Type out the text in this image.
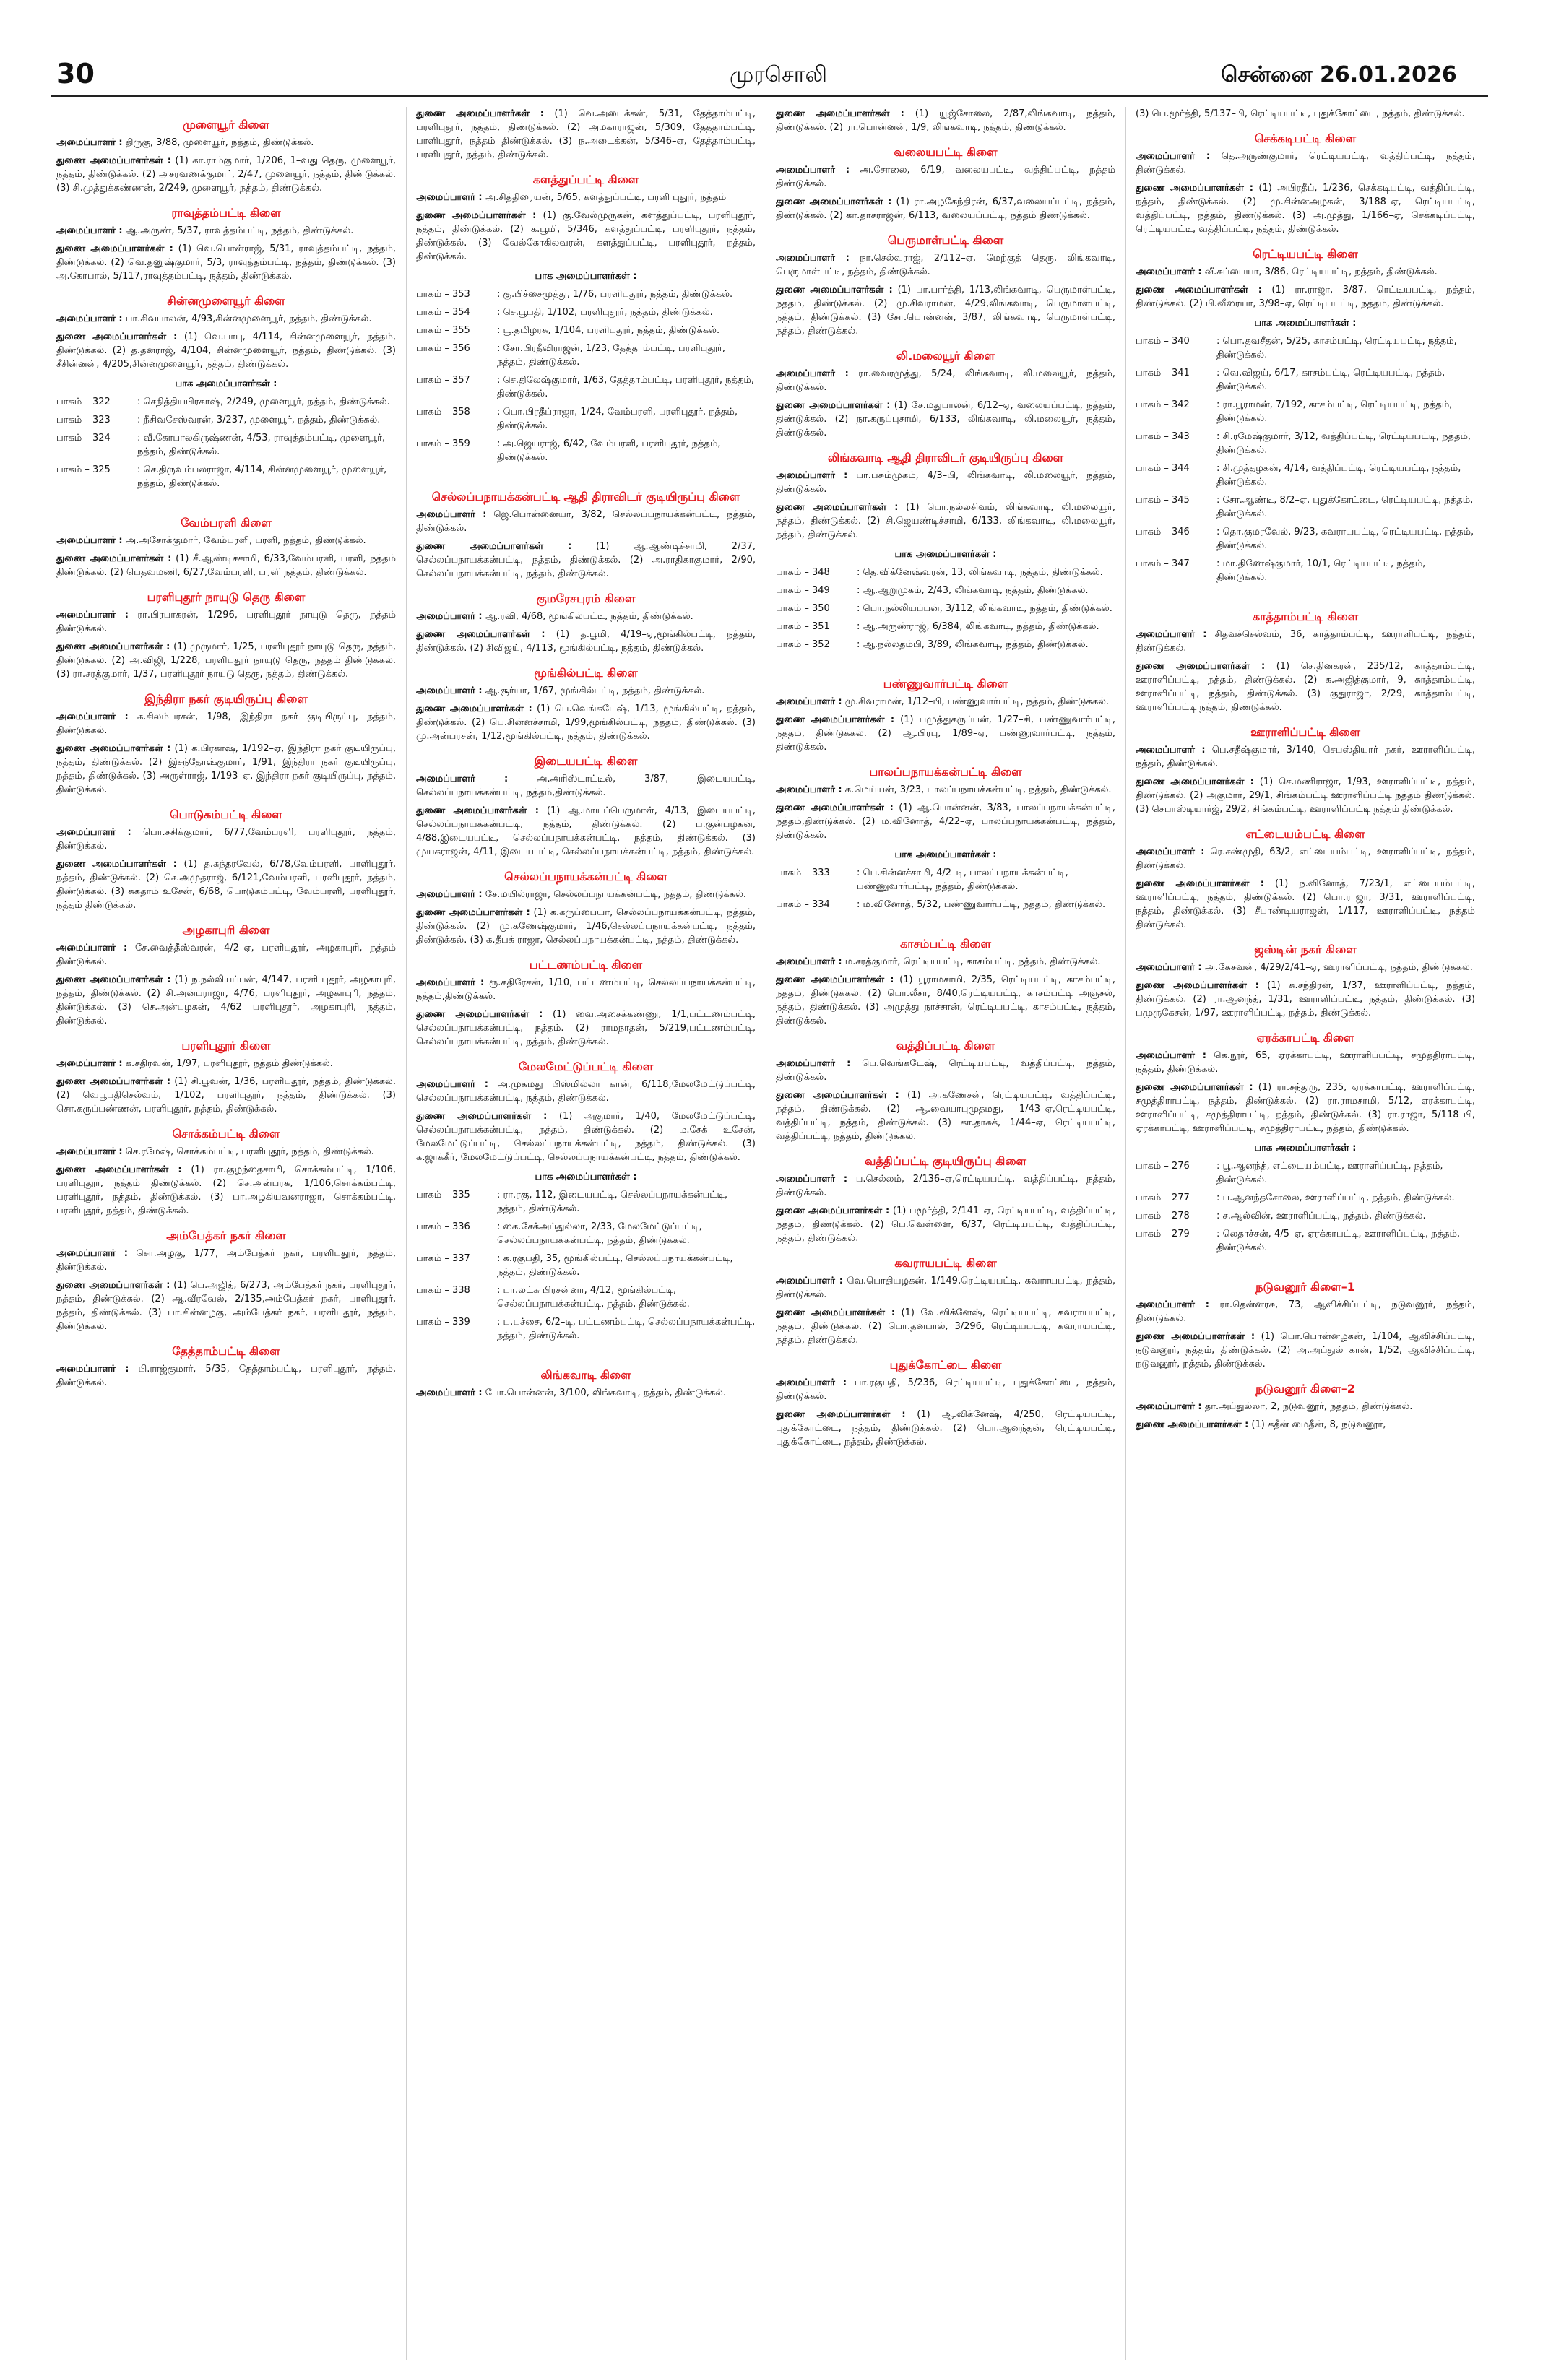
30	முரசொலி	சென்னை 26.01.2026
முளையூர் கிளை
அமைப்பாளர் : திருகு, 3/88, முளையூர், நத்தம், திண்டுக்கல்.
துணை அமைப்பாளர்கள் : (1) கா.ராம்குமார், 1/206, 1–வது தெரு, முளையூர், நத்தம், திண்டுக்கல். (2) அசரவணக்குமார், 2/47, முளையூர், நத்தம், திண்டுக்கல். (3) சி.முத்துக்கண்ணன், 2/249, முளையூர், நத்தம், திண்டுக்கல்.
ராவுத்தம்பட்டி கிளை
அமைப்பாளர் : ஆ.அருண், 5/37, ராவுத்தம்பட்டி, நத்தம், திண்டுக்கல்.
துணை அமைப்பாளர்கள் : (1) வெ.பொன்ராஜ், 5/31, ராவுத்தம்பட்டி, நத்தம், திண்டுக்கல். (2) வெ.தனுஷ்குமார், 5/3, ராவுத்தம்பட்டி, நத்தம், திண்டுக்கல். (3) அ.கோபால், 5/117,ராவுத்தம்பட்டி, நத்தம், திண்டுக்கல்.
சின்னமுளையூர் கிளை
அமைப்பாளர் : பா.சிவபாலன், 4/93,சின்னமுளையூர், நத்தம், திண்டுக்கல்.
துணை அமைப்பாளர்கள் : (1) வெ.பாபு, 4/114, சின்னமுளையூர், நத்தம், திண்டுக்கல். (2) த.தனராஜ், 4/104, சின்னமுளையூர், நத்தம், திண்டுக்கல். (3) சீசின்னன், 4/205,சின்னமுளையூர், நத்தம், திண்டுக்கல்.
பாக அமைப்பாளர்கள் :
பாகம் – 322	: செநித்தியபிரகாஷ், 2/249, முளையூர், நத்தம், திண்டுக்கல்.
பாகம் – 323	: நீசிவசேஸ்வரன், 3/237, முளையூர், நத்தம், திண்டுக்கல்.
பாகம் – 324	: வீ.கோபாலகிருஷ்ணன், 4/53, ராவுத்தம்பட்டி, முளையூர், நத்தம், திண்டுக்கல்.
பாகம் – 325	: செ.திருவம்பலராஜா, 4/114, சின்னமுளையூர், முளையூர், நத்தம், திண்டுக்கல்.
வேம்பரளி கிளை
அமைப்பாளர் : அ.அசோக்குமார், வேம்பரளி, பரளி, நத்தம், திண்டுக்கல்.
துணை அமைப்பாளர்கள் : (1) சீ.ஆண்டிச்சாமி, 6/33,வேம்பரளி, பரளி, நத்தம் திண்டுக்கல். (2) பெதவமணி, 6/27,வேம்பரளி, பரளி நத்தம், திண்டுக்கல்.
பரளிபுதூர் நாயுடு தெரு கிளை
அமைப்பாளர் : ரா.பிரபாகரன், 1/296, பரளிபுதூர் நாயுடு தெரு, நத்தம் திண்டுக்கல்.
துணை அமைப்பாளர்கள் : (1) முருமார், 1/25, பரளிபுதூர் நாயுடு தெரு, நத்தம், திண்டுக்கல். (2) அ.விஜி, 1/228, பரளிபுதூர் நாயுடு தெரு, நத்தம் திண்டுக்கல். (3) ரா.சரத்குமார், 1/37, பரளிபுதூர் நாயுடு தெரு, நத்தம், திண்டுக்கல்.
இந்திரா நகர் குடியிருப்பு கிளை
அமைப்பாளர் : க.சிலம்பரசன், 1/98, இந்திரா நகர் குடியிருப்பு, நத்தம், திண்டுக்கல்.
துணை அமைப்பாளர்கள் : (1) க.பிரகாஷ், 1/192–ஏ, இந்திரா நகர் குடியிருப்பு, நத்தம், திண்டுக்கல். (2) இசந்தோஷ்குமார், 1/91, இந்திரா நகர் குடியிருப்பு, நத்தம், திண்டுக்கல். (3) அருள்ராஜ், 1/193–ஏ, இந்திரா நகர் குடியிருப்பு, நத்தம், திண்டுக்கல்.
பொடுகம்பட்டி கிளை
அமைப்பாளர் : பொ.சசிக்குமார், 6/77,வேம்பரளி, பரளிபுதூர், நத்தம், திண்டுக்கல்.
துணை அமைப்பாளர்கள் : (1) த.சுந்தரவேல், 6/78,வேம்பரளி, பரளிபுதூர், நத்தம், திண்டுக்கல். (2) செ.அமுதராஜ், 6/121,வேம்பரளி, பரளிபுதூர், நத்தம், திண்டுக்கல். (3) சுகதாம் உசேன், 6/68, பொடுகம்பட்டி, வேம்பரளி, பரளிபுதூர், நத்தம் திண்டுக்கல்.
அழகாபுரி கிளை
அமைப்பாளர் : சே.வைத்தீஸ்வரன், 4/2–ஏ, பரளிபுதூர், அழகாபுரி, நத்தம் திண்டுக்கல்.
துணை அமைப்பாளர்கள் : (1) ந.நல்லியப்பன், 4/147, பரளி புதூர், அழகாபுரி, நத்தம், திண்டுக்கல். (2) சி.அன்பராஜா, 4/76, பரளிபுதூர், அழகாபுரி, நத்தம், திண்டுக்கல். (3) செ.அன்பழகன், 4/62 பரளிபுதூர், அழகாபுரி, நத்தம், திண்டுக்கல்.
பரளிபுதூர் கிளை
அமைப்பாளர் : க.சதிரவன், 1/97, பரளிபுதூர், நத்தம் திண்டுக்கல்.
துணை அமைப்பாளர்கள் : (1) சி.பூவன், 1/36, பரளிபுதூர், நத்தம், திண்டுக்கல். (2) வெபூபதிசெல்வம், 1/102, பரளிபுதூர், நத்தம், திண்டுக்கல். (3) சொ.கருப்பண்ணன், பரளிபுதூர், நத்தம், திண்டுக்கல்.
சொக்கம்பட்டி கிளை
அமைப்பாளர் : செ.ரமேஷ், சொக்கம்பட்டி, பரளிபுதூர், நத்தம், திண்டுக்கல்.
துணை அமைப்பாளர்கள் : (1) ரா.குழந்தைசாமி, சொக்கம்பட்டி, 1/106, பரளிபுதூர், நத்தம் திண்டுக்கல். (2) செ.அன்பரசு, 1/106,சொக்கம்பட்டி, பரளிபுதூர், நத்தம், திண்டுக்கல். (3) பா.அழகியவனராஜா, சொக்கம்பட்டி, பரளிபுதூர், நத்தம், திண்டுக்கல்.
அம்பேத்கர் நகர் கிளை
அமைப்பாளர் : சொ.அழகு, 1/77, அம்பேத்கர் நகர், பரளிபுதூர், நத்தம், திண்டுக்கல்.
துணை அமைப்பாளர்கள் : (1) பெ.அஜித், 6/273, அம்பேத்கர் நகர், பரளிபுதூர், நத்தம், திண்டுக்கல். (2) ஆ.வீரவேல், 2/135,அம்பேத்கர் நகர், பரளிபுதூர், நத்தம், திண்டுக்கல். (3) பா.சின்னழகு, அம்பேத்கர் நகர், பரளிபுதூர், நத்தம், திண்டுக்கல்.
தேத்தாம்பட்டி கிளை
அமைப்பாளர் : பி.ராஜ்குமார், 5/35, தேத்தாம்பட்டி, பரளிபுதூர், நத்தம், திண்டுக்கல்.
துணை அமைப்பாளர்கள் : (1) வெ.அடைக்கன், 5/31, தேத்தாம்பட்டி, பரளிபுதூர், நத்தம், திண்டுக்கல். (2) அமகாராஜன், 5/309, தேத்தாம்பட்டி, பரளிபுதூர், நத்தம் திண்டுக்கல். (3) ந.அடைக்கன், 5/346–ஏ, தேத்தாம்பட்டி, பரளிபுதூர், நத்தம், திண்டுக்கல்.
களத்துப்பட்டி கிளை
அமைப்பாளர் : அ.சித்திரையன், 5/65, களத்துப்பட்டி, பரளி புதூர், நத்தம்
துணை அமைப்பாளர்கள் : (1) கு.வேல்முருகன், களத்துப்பட்டி, பரளிபுதூர், நத்தம், திண்டுக்கல். (2) க.பூமி, 5/346, களத்துப்பட்டி, பரளிபுதூர், நத்தம், திண்டுக்கல். (3) வேல்கோகிலவரன், களத்துப்பட்டி, பரளிபுதூர், நத்தம், திண்டுக்கல்.
பாக அமைப்பாளர்கள் :
பாகம் – 353	: கு.பிச்சைமுத்து, 1/76, பரளிபுதூர், நத்தம், திண்டுக்கல்.
பாகம் – 354	: செ.பூபதி, 1/102, பரளிபுதூர், நத்தம், திண்டுக்கல்.
பாகம் – 355	: பூ.தமிழரசு, 1/104, பரளிபுதூர், நத்தம், திண்டுக்கல்.
பாகம் – 356	: சோ.பிரதீவிராஜன், 1/23, தேத்தாம்பட்டி, பரளிபுதூர், நத்தம், திண்டுக்கல்.
பாகம் – 357	: செ.திலேஷ்குமார், 1/63, தேத்தாம்பட்டி, பரளிபுதூர், நத்தம், திண்டுக்கல்.
பாகம் – 358	: பொ.பிரதீப்ராஜா, 1/24, வேம்பரளி, பரளிபுதூர், நத்தம், திண்டுக்கல்.
பாகம் – 359	: அ.ஜெயராஜ், 6/42, வேம்பரளி, பரளிபுதூர், நத்தம், திண்டுக்கல்.
செல்லப்பநாயக்கன்பட்டி ஆதி திராவிடர் குடியிருப்பு கிளை
அமைப்பாளர் : ஜெ.பொன்னையா, 3/82, செல்லப்பநாயக்கன்பட்டி, நத்தம், திண்டுக்கல்.
துணை அமைப்பாளர்கள் : (1) ஆ.ஆண்டிச்சாமி, 2/37, செல்லப்பநாயக்கன்பட்டி, நத்தம், திண்டுக்கல். (2) அ.ராதிகாகுமார், 2/90, செல்லப்பநாயக்கன்பட்டி, நத்தம், திண்டுக்கல்.
குமரேசபுரம் கிளை
அமைப்பாளர் : ஆ.ரவி, 4/68, மூங்கில்பட்டி, நத்தம், திண்டுக்கல்.
துணை அமைப்பாளர்கள் : (1) த.பூமி, 4/19–ஏ,மூங்கில்பட்டி, நத்தம், திண்டுக்கல். (2) சிவிஜய், 4/113, மூங்கில்பட்டி, நத்தம், திண்டுக்கல்.
மூங்கில்பட்டி கிளை
அமைப்பாளர் : ஆ.சூர்யா, 1/67, மூங்கில்பட்டி, நத்தம், திண்டுக்கல்.
துணை அமைப்பாளர்கள் : (1) பெ.வெங்கடேஷ், 1/13, மூங்கில்பட்டி, நத்தம், திண்டுக்கல். (2) பெ.சின்னச்சாமி, 1/99,மூங்கில்பட்டி, நத்தம், திண்டுக்கல். (3) மு.அன்பரசன், 1/12,மூங்கில்பட்டி, நத்தம், திண்டுக்கல்.
இடையபட்டி கிளை
அமைப்பாளர் : அ.அரிஸ்டாட்டில், 3/87, இடையபட்டி, செல்லப்பநாயக்கன்பட்டி, நத்தம்,திண்டுக்கல்.
துணை அமைப்பாளர்கள் : (1) ஆ.மாயப்பெருமாள், 4/13, இடையபட்டி, செல்லப்பநாயக்கன்பட்டி, நத்தம், திண்டுக்கல். (2) ப.குன்பழகன், 4/88,இடையபட்டி, செல்லப்பநாயக்கன்பட்டி, நத்தம், திண்டுக்கல். (3) முயகராஜன், 4/11, இடையபட்டி, செல்லப்பநாயக்கன்பட்டி, நத்தம், திண்டுக்கல்.
செல்லப்பநாயக்கன்பட்டி கிளை
அமைப்பாளர் : சே.மயில்ராஜா, செல்லப்பநாயக்கன்பட்டி, நத்தம், திண்டுக்கல்.
துணை அமைப்பாளர்கள் : (1) க.கருப்பையா, செல்லப்பநாயக்கன்பட்டி, நத்தம், திண்டுக்கல். (2) மு.கணேஷ்குமார், 1/46,செல்லப்பநாயக்கன்பட்டி, நத்தம், திண்டுக்கல். (3) க.தீபக் ராஜா, செல்லப்பநாயக்கன்பட்டி, நத்தம், திண்டுக்கல்.
பட்டணம்பட்டி கிளை
அமைப்பாளர் : ரூ.கதிரேசன், 1/10, பட்டணம்பட்டி, செல்லப்பநாயக்கன்பட்டி, நத்தம்,திண்டுக்கல்.
துணை அமைப்பாளர்கள் : (1) வை.அசைக்கண்ணு, 1/1,பட்டணம்பட்டி, செல்லப்பநாயக்கன்பட்டி, நத்தம். (2) ராமநாதன், 5/219,பட்டணம்பட்டி, செல்லப்பநாயக்கன்பட்டி, நத்தம், திண்டுக்கல்.
மேலமேட்டுப்பட்டி கிளை
அமைப்பாளர் : அ.முகமது பிஸ்மில்லா கான், 6/118,மேலமேட்டுப்பட்டி, செல்லப்பநாயக்கன்பட்டி, நத்தம், திண்டுக்கல்.
துணை அமைப்பாளர்கள் : (1) அகுமார், 1/40, மேலமேட்டுப்பட்டி, செல்லப்பநாயக்கன்பட்டி, நத்தம், திண்டுக்கல். (2) ம.சேக் உசேன், மேலமேட்டுப்பட்டி, செல்லப்பநாயக்கன்பட்டி, நத்தம், திண்டுக்கல். (3) க.ஜாக்கீர், மேலமேட்டுப்பட்டி, செல்லப்பநாயக்கன்பட்டி, நத்தம், திண்டுக்கல்.
பாக அமைப்பாளர்கள் :
பாகம் – 335	: ரா.ரகு, 112, இடையபட்டி, செல்லப்பநாயக்கன்பட்டி, நத்தம், திண்டுக்கல்.
பாகம் – 336	: கை.சேக்அப்துல்லா, 2/33, மேலமேட்டுப்பட்டி, செல்லப்பநாயக்கன்பட்டி, நத்தம், திண்டுக்கல்.
பாகம் – 337	: க.ரகுபதி, 35, மூங்கில்பட்டி, செல்லப்பநாயக்கன்பட்டி, நத்தம், திண்டுக்கல்.
பாகம் – 338	: பா.லட்சு பிரசன்னா, 4/12, மூங்கில்பட்டி, செல்லப்பநாயக்கன்பட்டி, நத்தம், திண்டுக்கல்.
பாகம் – 339	: ப.பச்சை, 6/2–டி, பட்டணம்பட்டி, செல்லப்பநாயக்கன்பட்டி, நத்தம், திண்டுக்கல்.
லிங்கவாடி கிளை
அமைப்பாளர் : போ.பொன்னன், 3/100, லிங்கவாடி, நத்தம், திண்டுக்கல்.
துணை அமைப்பாளர்கள் : (1) யூஜ்சோலை, 2/87,லிங்கவாடி, நத்தம், திண்டுக்கல். (2) ரா.பொன்னன், 1/9, லிங்கவாடி, நத்தம், திண்டுக்கல்.
வலையபட்டி கிளை
அமைப்பாளர் : அ.சோலை, 6/19, வலையபட்டி, வத்திப்பட்டி, நத்தம் திண்டுக்கல்.
துணை அமைப்பாளர்கள் : (1) ரா.அழகேந்திரன், 6/37,வலையப்பட்டி, நத்தம், திண்டுக்கல். (2) கா.தாசராஜன், 6/113, வலையப்பட்டி, நத்தம் திண்டுக்கல்.
பெருமாள்பட்டி கிளை
அமைப்பாளர் : நா.செல்வராஜ், 2/112–ஏ, மேற்குத் தெரு, லிங்கவாடி, பெருமாள்பட்டி, நத்தம், திண்டுக்கல்.
துணை அமைப்பாளர்கள் : (1) பா.பார்த்தி, 1/13,லிங்கவாடி, பெருமாள்பட்டி, நத்தம், திண்டுக்கல். (2) மு.சிவராமன், 4/29,லிங்கவாடி, பெருமாள்பட்டி, நத்தம், திண்டுக்கல். (3) சோ.பொன்னன், 3/87, லிங்கவாடி, பெருமாள்பட்டி, நத்தம், திண்டுக்கல்.
லி.மலையூர் கிளை
அமைப்பாளர் : ரா.வைரமுத்து, 5/24, லிங்கவாடி, லி.மலையூர், நத்தம், திண்டுக்கல்.
துணை அமைப்பாளர்கள் : (1) சே.மதுபாலன், 6/12–ஏ, வலையப்பட்டி, நத்தம், திண்டுக்கல். (2) நா.கருப்புசாமி, 6/133, லிங்கவாடி, லி.மலையூர், நத்தம், திண்டுக்கல்.
லிங்கவாடி ஆதி திராவிடர் குடியிருப்பு கிளை
அமைப்பாளர் : பா.பசும்முகம், 4/3–பி, லிங்கவாடி, லி.மலையூர், நத்தம், திண்டுக்கல்.
துணை அமைப்பாளர்கள் : (1) பொ.நல்லசிவம், லிங்கவாடி, லி.மலையூர், நத்தம், திண்டுக்கல். (2) சி.ஜெயண்டிச்சாமி, 6/133, லிங்கவாடி, லி.மலையூர், நத்தம், திண்டுக்கல்.
பாக அமைப்பாளர்கள் :
பாகம் – 348	: தெ.விக்னேஷ்வரன், 13, லிங்கவாடி, நத்தம், திண்டுக்கல்.
பாகம் – 349	: ஆ.ஆறுமுகம், 2/43, லிங்கவாடி, நத்தம், திண்டுக்கல்.
பாகம் – 350	: பொ.நல்லியப்பன், 3/112, லிங்கவாடி, நத்தம், திண்டுக்கல்.
பாகம் – 351	: ஆ.அருண்ராஜ், 6/384, லிங்கவாடி, நத்தம், திண்டுக்கல்.
பாகம் – 352	: ஆ.நல்லதம்பி, 3/89, லிங்கவாடி, நத்தம், திண்டுக்கல்.
பண்ணுவார்பட்டி கிளை
அமைப்பாளர் : மு.சிவராமன், 1/12–பி, பண்ணுவார்பட்டி, நத்தம், திண்டுக்கல்.
துணை அமைப்பாளர்கள் : (1) பமுத்துகருப்பன், 1/27–சி, பண்ணுவார்பட்டி, நத்தம், திண்டுக்கல். (2) ஆ.பிரபு, 1/89–ஏ, பண்ணுவார்பட்டி, நத்தம், திண்டுக்கல்.
பாலப்பநாயக்கன்பட்டி கிளை
அமைப்பாளர் : க.மெய்யன், 3/23, பாலப்பநாயக்கன்பட்டி, நத்தம், திண்டுக்கல்.
துணை அமைப்பாளர்கள் : (1) ஆ.பொன்னன், 3/83, பாலப்பநாயக்கன்பட்டி, நத்தம்,திண்டுக்கல். (2) ம.வினோத், 4/22–ஏ, பாலப்பநாயக்கன்பட்டி, நத்தம், திண்டுக்கல்.
பாக அமைப்பாளர்கள் :
பாகம் – 333	: பெ.சின்னச்சாமி, 4/2–டி, பாலப்பநாயக்கன்பட்டி, பண்ணுவார்பட்டி, நத்தம், திண்டுக்கல்.
பாகம் – 334	: ம.வினோத், 5/32, பண்ணுவார்பட்டி, நத்தம், திண்டுக்கல்.
காசம்பட்டி கிளை
அமைப்பாளர் : ம.சரத்குமார், ரெட்டியபட்டி, காசம்பட்டி, நத்தம், திண்டுக்கல்.
துணை அமைப்பாளர்கள் : (1) பூராமசாமி, 2/35, ரெட்டியபட்டி, காசம்பட்டி, நத்தம், திண்டுக்கல். (2) பொ.லீசா, 8/40,ரெட்டியபட்டி, காசம்பட்டி அஞ்சல், நத்தம், திண்டுக்கல். (3) அமுத்து நாச்சான், ரெட்டியபட்டி, காசம்பட்டி, நத்தம், திண்டுக்கல்.
வத்திப்பட்டி கிளை
அமைப்பாளர் : பெ.வெங்கடேஷ், ரெட்டியபட்டி, வத்திப்பட்டி, நத்தம், திண்டுக்கல்.
துணை அமைப்பாளர்கள் : (1) அ.கணேசன், ரெட்டியபட்டி, வத்திப்பட்டி, நத்தம், திண்டுக்கல். (2) ஆ.வையாபுமுதமது, 1/43–ஏ,ரெட்டியபட்டி, வத்திப்பட்டி, நத்தம், திண்டுக்கல். (3) கா.தாசுக், 1/44–ஏ, ரெட்டியபட்டி, வத்திப்பட்டி, நத்தம், திண்டுக்கல்.
வத்திப்பட்டி குடியிருப்பு கிளை
அமைப்பாளர் : ப.செல்லம், 2/136–ஏ,ரெட்டியபட்டி, வத்திப்பட்டி, நத்தம், திண்டுக்கல்.
துணை அமைப்பாளர்கள் : (1) பமூர்த்தி, 2/141–ஏ, ரெட்டியபட்டி, வத்திப்பட்டி, நத்தம், திண்டுக்கல். (2) பெ.வெள்ளை, 6/37, ரெட்டியபட்டி, வத்திப்பட்டி, நத்தம், திண்டுக்கல்.
கவராயபட்டி கிளை
அமைப்பாளர் : வெ.பொதியழகன், 1/149,ரெட்டியபட்டி, கவராயபட்டி, நத்தம், திண்டுக்கல்.
துணை அமைப்பாளர்கள் : (1) வே.விக்னேஷ், ரெட்டியபட்டி, கவராயபட்டி, நத்தம், திண்டுக்கல். (2) பொ.தனபால், 3/296, ரெட்டியபட்டி, கவராயபட்டி, நத்தம், திண்டுக்கல்.
புதுக்கோட்டை கிளை
அமைப்பாளர் : பா.ரகுபதி, 5/236, ரெட்டியபட்டி, புதுக்கோட்டை, நத்தம், திண்டுக்கல்.
துணை அமைப்பாளர்கள் : (1) ஆ.விக்னேஷ், 4/250, ரெட்டியபட்டி, புதுக்கோட்டை, நத்தம், திண்டுக்கல். (2) பொ.ஆனந்தன், ரெட்டியபட்டி, புதுக்கோட்டை, நத்தம், திண்டுக்கல்.
(3) பெ.மூர்த்தி, 5/137–பி, ரெட்டியபட்டி, புதுக்கோட்டை, நத்தம், திண்டுக்கல்.
செக்கடிபட்டி கிளை
அமைப்பாளர் : தெ.அருண்குமார், ரெட்டியபட்டி, வத்திப்பட்டி, நத்தம், திண்டுக்கல்.
துணை அமைப்பாளர்கள் : (1) அபிரதீப், 1/236, செக்கடிபட்டி, வத்திப்பட்டி, நத்தம், திண்டுக்கல். (2) மு.சின்னஅழகன், 3/188–ஏ, ரெட்டியபட்டி, வத்திப்பட்டி, நத்தம், திண்டுக்கல். (3) அ.முத்து, 1/166–ஏ, செக்கடிப்பட்டி, ரெட்டியபட்டி, வத்திப்பட்டி, நத்தம், திண்டுக்கல்.
ரெட்டியபட்டி கிளை
அமைப்பாளர் : வீ.சுப்பையா, 3/86, ரெட்டியபட்டி, நத்தம், திண்டுக்கல்.
துணை அமைப்பாளர்கள் : (1) ரா.ராஜா, 3/87, ரெட்டியபட்டி, நத்தம், திண்டுக்கல். (2) பி.வீரையா, 3/98–ஏ, ரெட்டியபட்டி, நத்தம், திண்டுக்கல்.
பாக அமைப்பாளர்கள் :
பாகம் – 340	: பொ.தவசீதன், 5/25, காசம்பட்டி, ரெட்டியபட்டி, நத்தம், திண்டுக்கல்.
பாகம் – 341	: வெ.விஜய், 6/17, காசம்பட்டி, ரெட்டியபட்டி, நத்தம், திண்டுக்கல்.
பாகம் – 342	: ரா.பூராமன், 7/192, காசம்பட்டி, ரெட்டியபட்டி, நத்தம், திண்டுக்கல்.
பாகம் – 343	: சி.ரமேஷ்குமார், 3/12, வத்திப்பட்டி, ரெட்டியபட்டி, நத்தம், திண்டுக்கல்.
பாகம் – 344	: சி.முத்தழகன், 4/14, வத்திப்பட்டி, ரெட்டியபட்டி, நத்தம், திண்டுக்கல்.
பாகம் – 345	: சோ.ஆண்டி, 8/2–ஏ, புதுக்கோட்டை, ரெட்டியபட்டி, நத்தம், திண்டுக்கல்.
பாகம் – 346	: தொ.குமரவேல், 9/23, கவராயபட்டி, ரெட்டியபட்டி, நத்தம், திண்டுக்கல்.
பாகம் – 347	: மா.திணேஷ்குமார், 10/1, ரெட்டியபட்டி, நத்தம், திண்டுக்கல்.
காத்தாம்பட்டி கிளை
அமைப்பாளர் : சிதவச்செல்வம், 36, காத்தாம்பட்டி, ஊராளிபட்டி, நத்தம், திண்டுக்கல்.
துணை அமைப்பாளர்கள் : (1) செ.தினகரன், 235/12, காத்தாம்பட்டி, ஊராளிப்பட்டி, நத்தம், திண்டுக்கல். (2) க.அஜித்குமார், 9, காத்தாம்பட்டி, ஊராளிப்பட்டி, நத்தம், திண்டுக்கல். (3) குதுராஜா, 2/29, காத்தாம்பட்டி, ஊராளிப்பட்டி நத்தம், திண்டுக்கல்.
ஊராளிப்பட்டி கிளை
அமைப்பாளர் : பெ.சதீஷ்குமார், 3/140, செபஸ்தியார் நகர், ஊராளிப்பட்டி, நத்தம், திண்டுக்கல்.
துணை அமைப்பாளர்கள் : (1) செ.மணிராஜா, 1/93, ஊராளிப்பட்டி, நத்தம், திண்டுக்கல். (2) அகுமார், 29/1, சிங்கம்பட்டி ஊராளிப்பட்டி நத்தம் திண்டுக்கல். (3) செபாஸ்டியார்ஜ், 29/2, சிங்கம்பட்டி, ஊராளிப்பட்டி நத்தம் திண்டுக்கல்.
எட்டையம்பட்டி கிளை
அமைப்பாளர் : ரெ.சண்முதி, 63/2, எட்டையம்பட்டி, ஊராளிப்பட்டி, நத்தம், திண்டுக்கல்.
துணை அமைப்பாளர்கள் : (1) ந.வினோத், 7/23/1, எட்டையம்பட்டி, ஊராளிப்பட்டி, நத்தம், திண்டுக்கல். (2) பொ.ராஜா, 3/31, ஊராளிப்பட்டி, நத்தம், திண்டுக்கல். (3) சீபாண்டியராஜன், 1/117, ஊராளிப்பட்டி, நத்தம் திண்டுக்கல்.
ஜஸ்டின் நகர் கிளை
அமைப்பாளர் : அ.கேசவன், 4/29/2/41–ஏ, ஊராளிப்பட்டி, நத்தம், திண்டுக்கல்.
துணை அமைப்பாளர்கள் : (1) சு.சந்திரன், 1/37, ஊராளிப்பட்டி, நத்தம், திண்டுக்கல். (2) ரா.ஆனந்த், 1/31, ஊராளிப்பட்டி, நத்தம், திண்டுக்கல். (3) பமுருகேசன், 1/97, ஊராளிப்பட்டி, நத்தம், திண்டுக்கல்.
ஏரக்காபட்டி கிளை
அமைப்பாளர் : கெ.நூர், 65, ஏரக்காபட்டி, ஊராளிப்பட்டி, சமுத்திராபட்டி, நத்தம், திண்டுக்கல்.
துணை அமைப்பாளர்கள் : (1) ரா.சந்துரு, 235, ஏரக்காபட்டி, ஊராளிப்பட்டி, சமுத்திராபட்டி, நத்தம், திண்டுக்கல். (2) ரா.ராமசாமி, 5/12, ஏரக்காபட்டி, ஊராளிப்பட்டி, சமுத்திராபட்டி, நத்தம், திண்டுக்கல். (3) ரா.ராஜா, 5/118–பி, ஏரக்காபட்டி, ஊராளிப்பட்டி, சமுத்திராபட்டி, நத்தம், திண்டுக்கல்.
பாக அமைப்பாளர்கள் :
பாகம் – 276	: பூ.ஆனந்த், எட்டையம்பட்டி, ஊராளிப்பட்டி, நத்தம், திண்டுக்கல்.
பாகம் – 277	: ப.ஆனந்தசோலை, ஊராளிப்பட்டி, நத்தம், திண்டுக்கல்.
பாகம் – 278	: ச.ஆல்வின், ஊராளிப்பட்டி, நத்தம், திண்டுக்கல்.
பாகம் – 279	: லெதாச்சன், 4/5–ஏ, ஏரக்காபட்டி, ஊராளிப்பட்டி, நத்தம், திண்டுக்கல்.
நடுவனூர் கிளை–1
அமைப்பாளர் : ரா.தென்னரசு, 73, ஆவிச்சிப்பட்டி, நடுவனூர், நத்தம், திண்டுக்கல்.
துணை அமைப்பாளர்கள் : (1) பொ.பொன்னழகன், 1/104, ஆவிச்சிப்பட்டி, நடுவனூர், நத்தம், திண்டுக்கல். (2) அ.அப்துல் கான், 1/52, ஆவிச்சிப்பட்டி, நடுவனூர், நத்தம், திண்டுக்கல்.
நடுவனூர் கிளை–2
அமைப்பாளர் : தா.அப்துல்லா, 2, நடுவனூர், நத்தம், திண்டுக்கல்.
துணை அமைப்பாளர்கள் : (1) கதீன் மைதீன், 8, நடுவனூர்,
